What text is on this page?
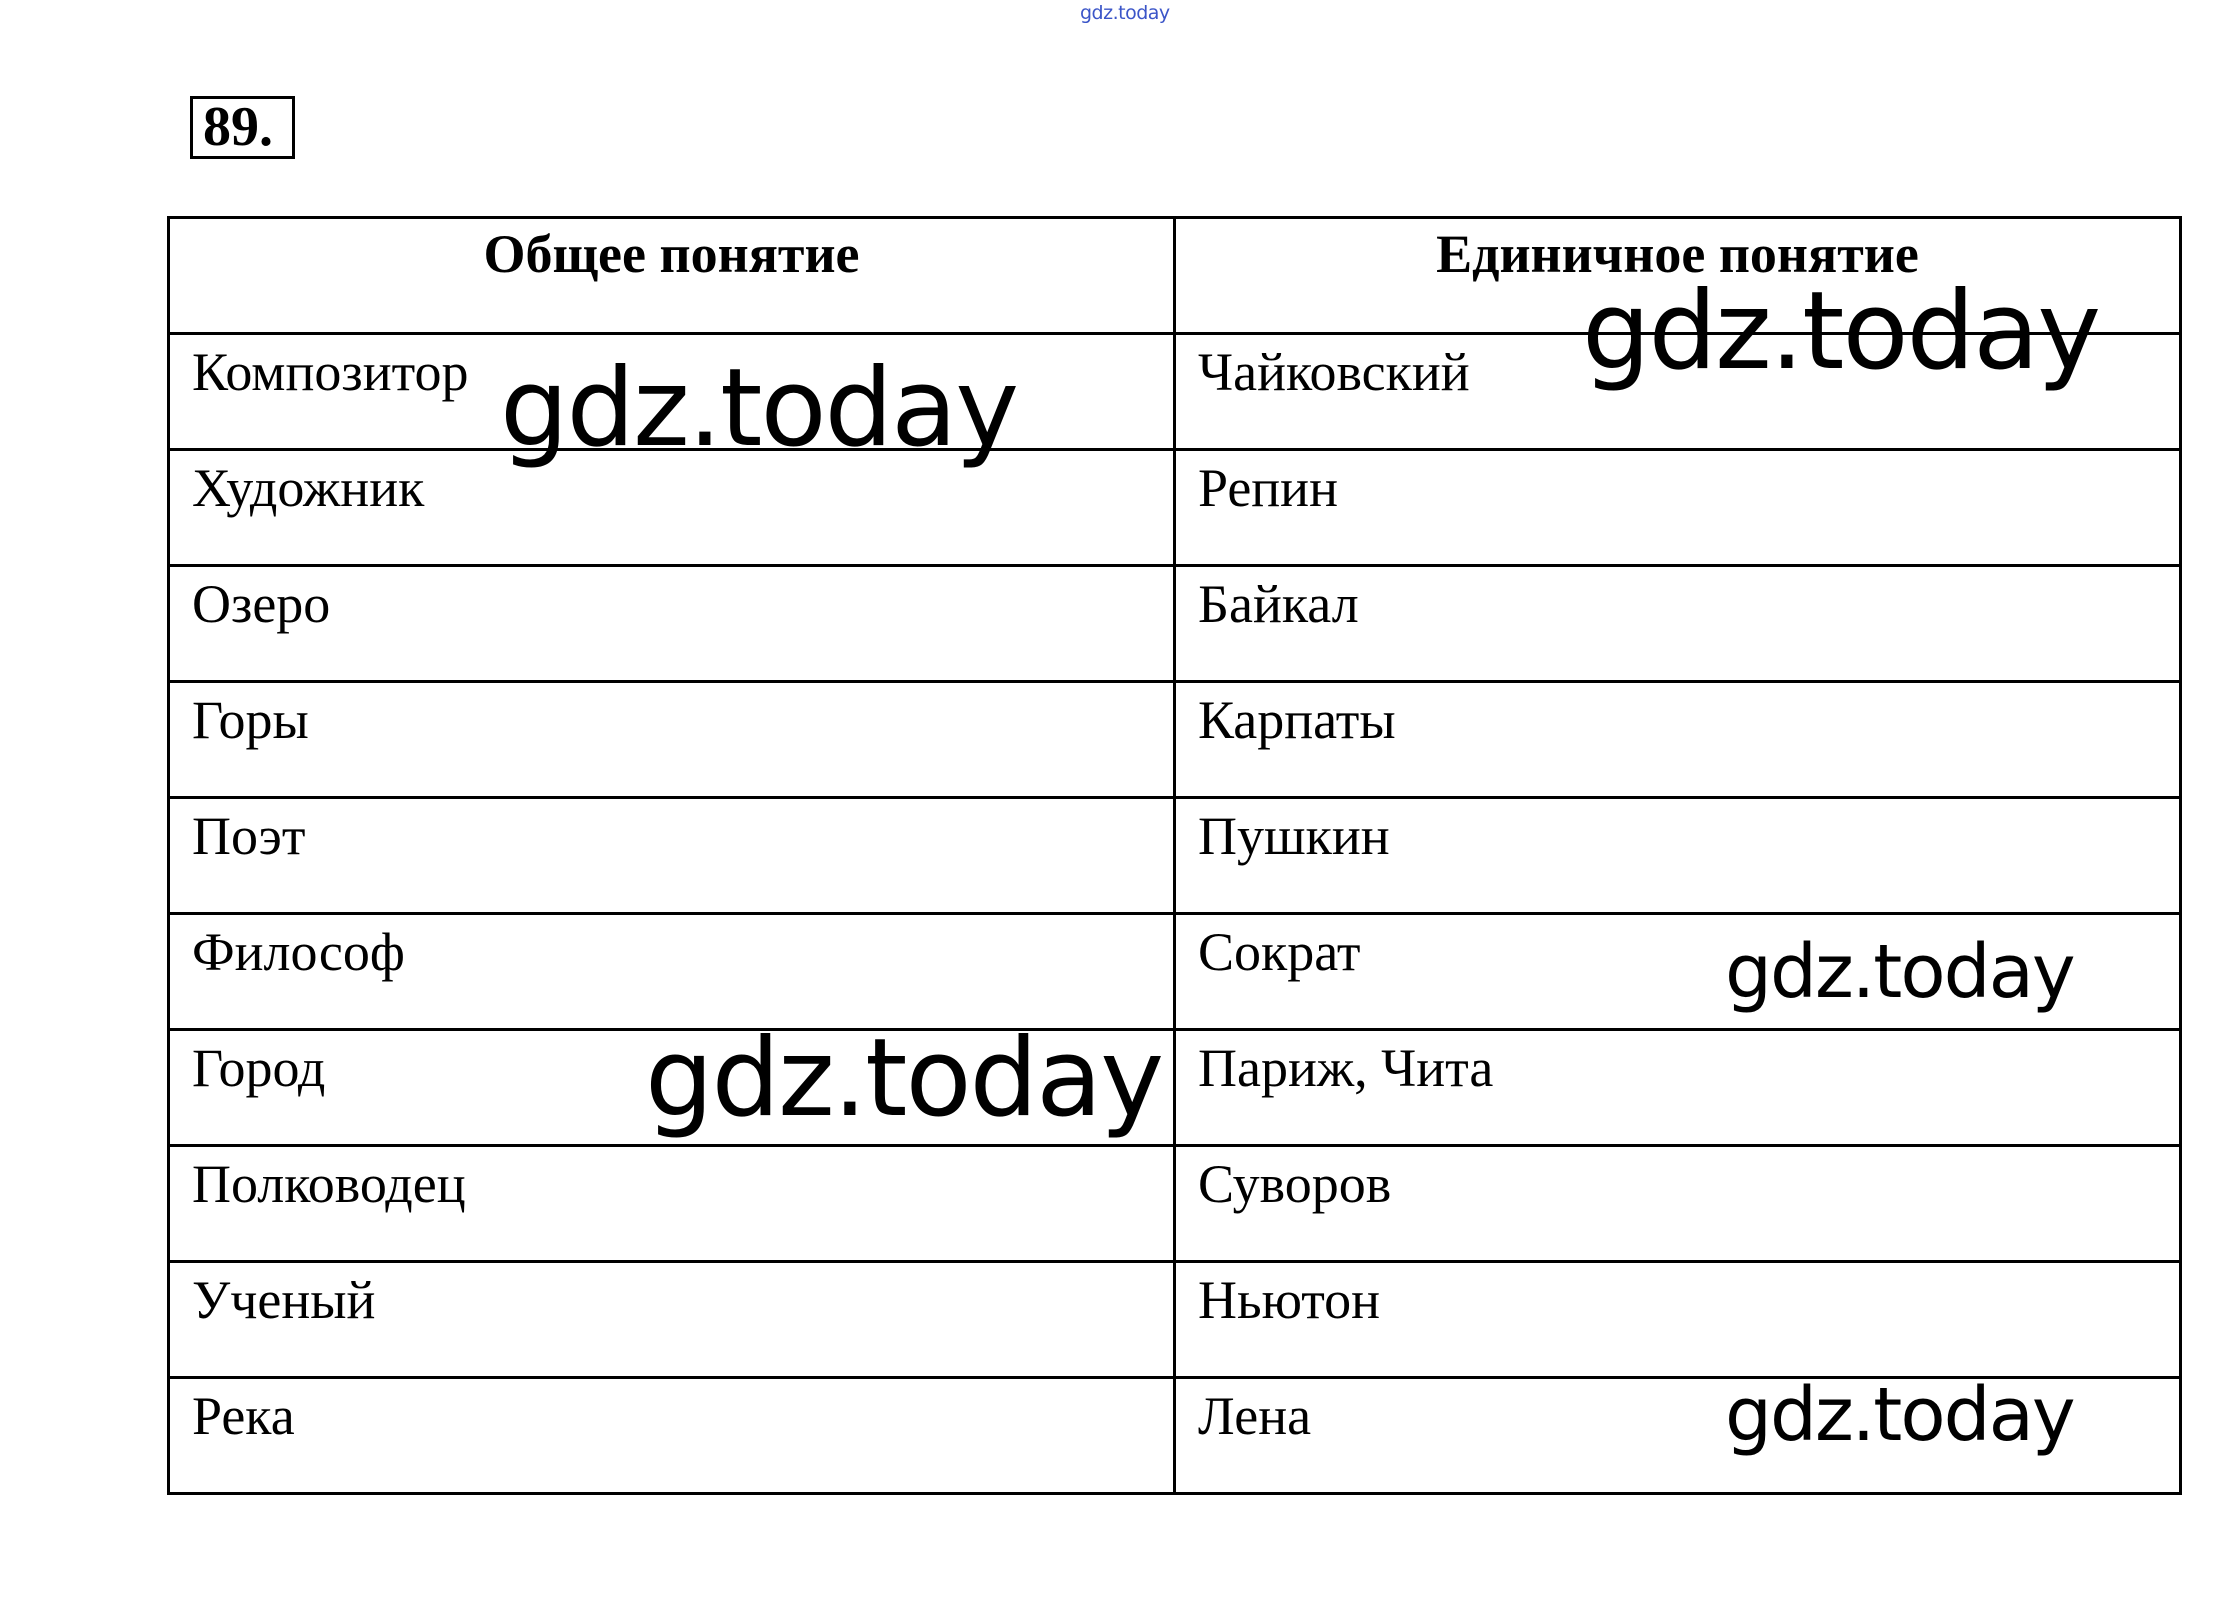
gdz.today
89.
Общее понятие	Единичное понятие
Композитор	Чайковский
Художник	Репин
Озеро	Байкал
Горы	Карпаты
Поэт	Пушкин
Философ	Сократ
Город	Париж, Чита
Полководец	Суворов
Ученый	Ньютон
Река	Лена
gdz.today
gdz.today
gdz.today
gdz.today
gdz.today
